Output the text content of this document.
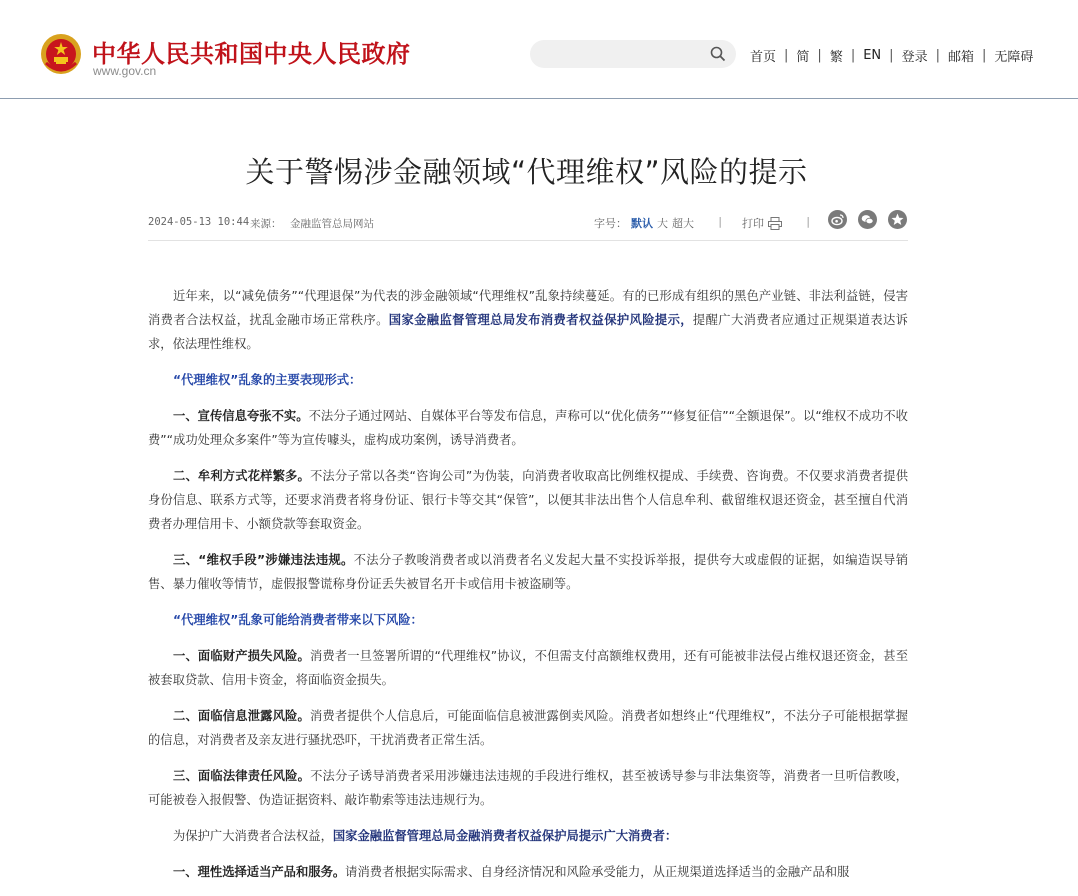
中华人民共和国中央人民政府
www.gov.cn
首页 | 简 | 繁 | EN | 登录 | 邮箱 | 无障碍
关于警惕涉金融领域“代理维权”风险的提示
2024-05-13 10:44 来源： 金融监管总局网站	字号： 默认 大 超大 | 打印	|

近年来，以“减免债务”“代理退保”为代表的涉金融领域“代理维权”乱象持续蔓延。有的已形成有组织的黑色产业链、非法利益链，侵害消费者合法权益，扰乱金融市场正常秩序。国家金融监督管理总局发布消费者权益保护风险提示，提醒广大消费者应通过正规渠道表达诉求，依法理性维权。

“代理维权”乱象的主要表现形式：

一、宣传信息夸张不实。不法分子通过网站、自媒体平台等发布信息，声称可以“优化债务”“修复征信”“全额退保”。以“维权不成功不收费”“成功处理众多案件”等为宣传噱头，虚构成功案例，诱导消费者。

二、牟利方式花样繁多。不法分子常以各类“咨询公司”为伪装，向消费者收取高比例维权提成、手续费、咨询费。不仅要求消费者提供身份信息、联系方式等，还要求消费者将身份证、银行卡等交其“保管”，以便其非法出售个人信息牟利、截留维权退还资金，甚至擅自代消费者办理信用卡、小额贷款等套取资金。

三、“维权手段”涉嫌违法违规。不法分子教唆消费者或以消费者名义发起大量不实投诉举报，提供夸大或虚假的证据，如编造误导销售、暴力催收等情节，虚假报警谎称身份证丢失被冒名开卡或信用卡被盗刷等。

“代理维权”乱象可能给消费者带来以下风险：

一、面临财产损失风险。消费者一旦签署所谓的“代理维权”协议，不但需支付高额维权费用，还有可能被非法侵占维权退还资金，甚至被套取贷款、信用卡资金，将面临资金损失。

二、面临信息泄露风险。消费者提供个人信息后，可能面临信息被泄露倒卖风险。消费者如想终止“代理维权”，不法分子可能根据掌握的信息，对消费者及亲友进行骚扰恐吓，干扰消费者正常生活。

三、面临法律责任风险。不法分子诱导消费者采用涉嫌违法违规的手段进行维权，甚至被诱导参与非法集资等，消费者一旦听信教唆，可能被卷入报假警、伪造证据资料、敲诈勒索等违法违规行为。

为保护广大消费者合法权益，国家金融监督管理总局金融消费者权益保护局提示广大消费者：

一、理性选择适当产品和服务。请消费者根据实际需求、自身经济情况和风险承受能力，从正规渠道选择适当的金融产品和服
